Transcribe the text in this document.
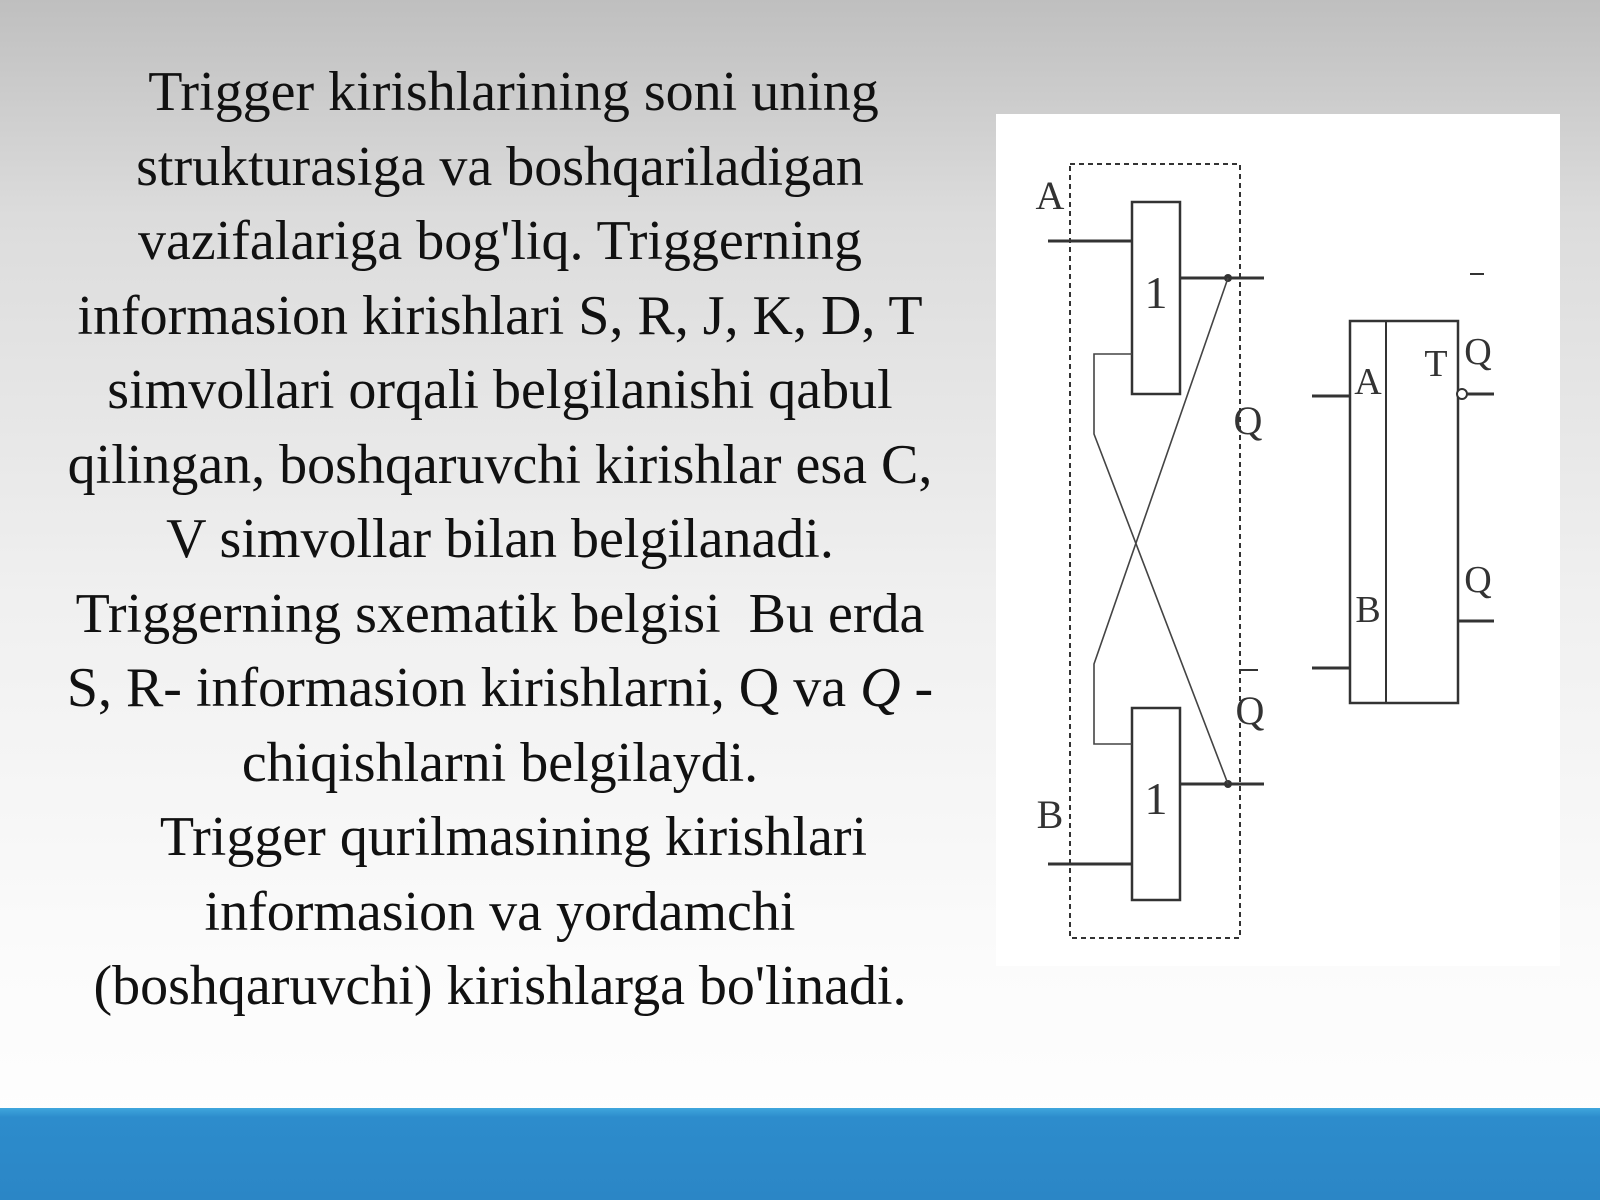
Trigger kirishlarining soni uning
strukturasiga va boshqariladigan
vazifalariga bog'liq. Triggerning
informasion kirishlari S, R, J, K, D, T
simvollari orqali belgilanishi qabul
qilingan, boshqaruvchi kirishlar esa C,
V simvollar bilan belgilanadi.
Triggerning sxematik belgisi  Bu erda
S, R- informasion kirishlarni, Q va Q -
chiqishlarni belgilaydi.
Trigger qurilmasining kirishlari
informasion va yordamchi
(boshqaruvchi) kirishlarga bo'linadi.
1
1
A
B
Q
Q
A
B
T Q
Q
